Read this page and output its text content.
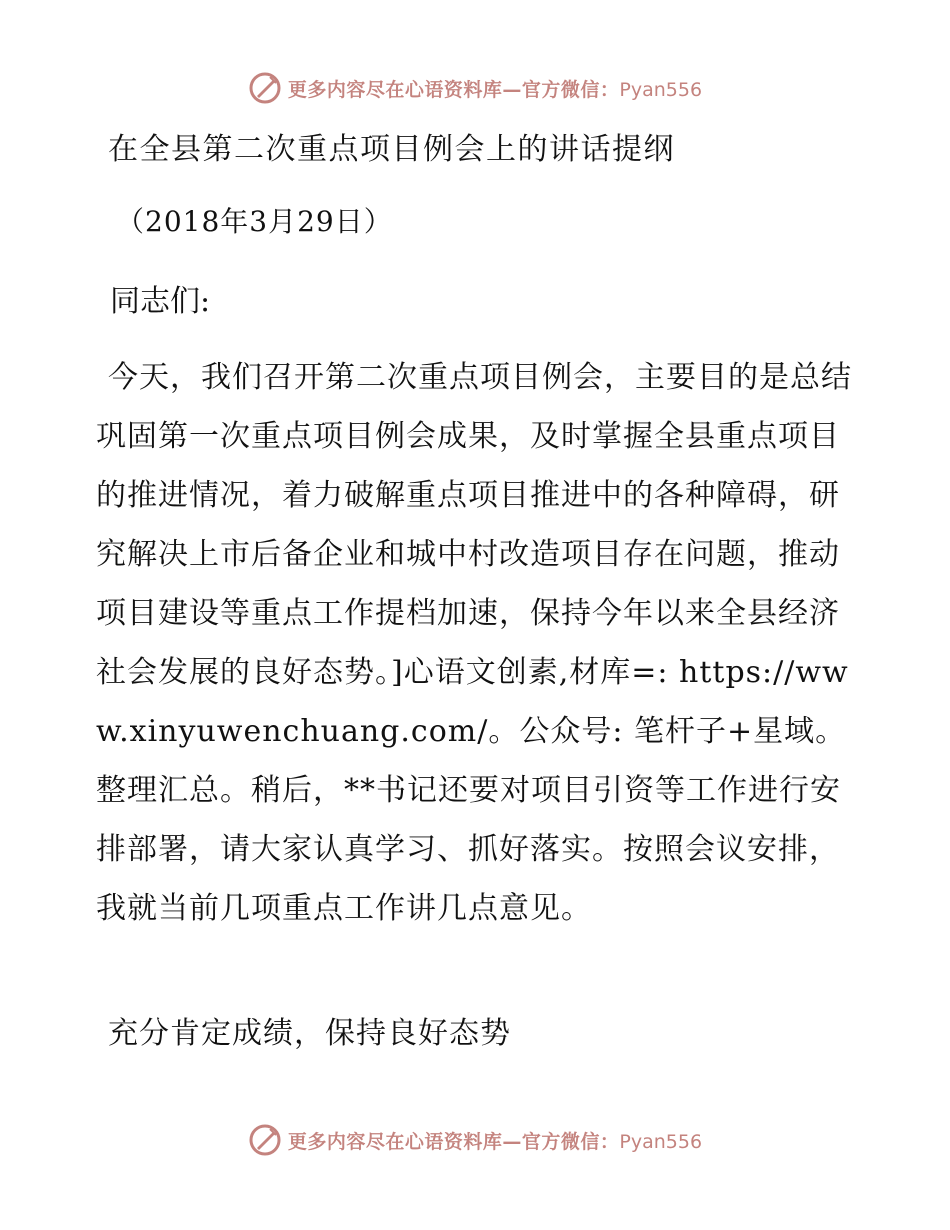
更多内容尽在心语资料库—官方微信：Pyan556
在全县第二次重点项目例会上的讲话提纲
（2018年3月29日）
同志们:

今天，我们召开第二次重点项目例会，主要目的是总结巩固第一次重点项目例会成果，及时掌握全县重点项目的推进情况，着力破解重点项目推进中的各种障碍，研究解决上市后备企业和城中村改造项目存在问题，推动项目建设等重点工作提档加速，保持今年以来全县经济社会发展的良好态势。]心语文创素,材库=: https://www.xinyuwenchuang.com/。公众号: 笔杆子+星域。整理汇总。稍后，**书记还要对项目引资等工作进行安排部署，请大家认真学习、抓好落实。按照会议安排，我就当前几项重点工作讲几点意见。

充分肯定成绩，保持良好态势
更多内容尽在心语资料库—官方微信：Pyan556
